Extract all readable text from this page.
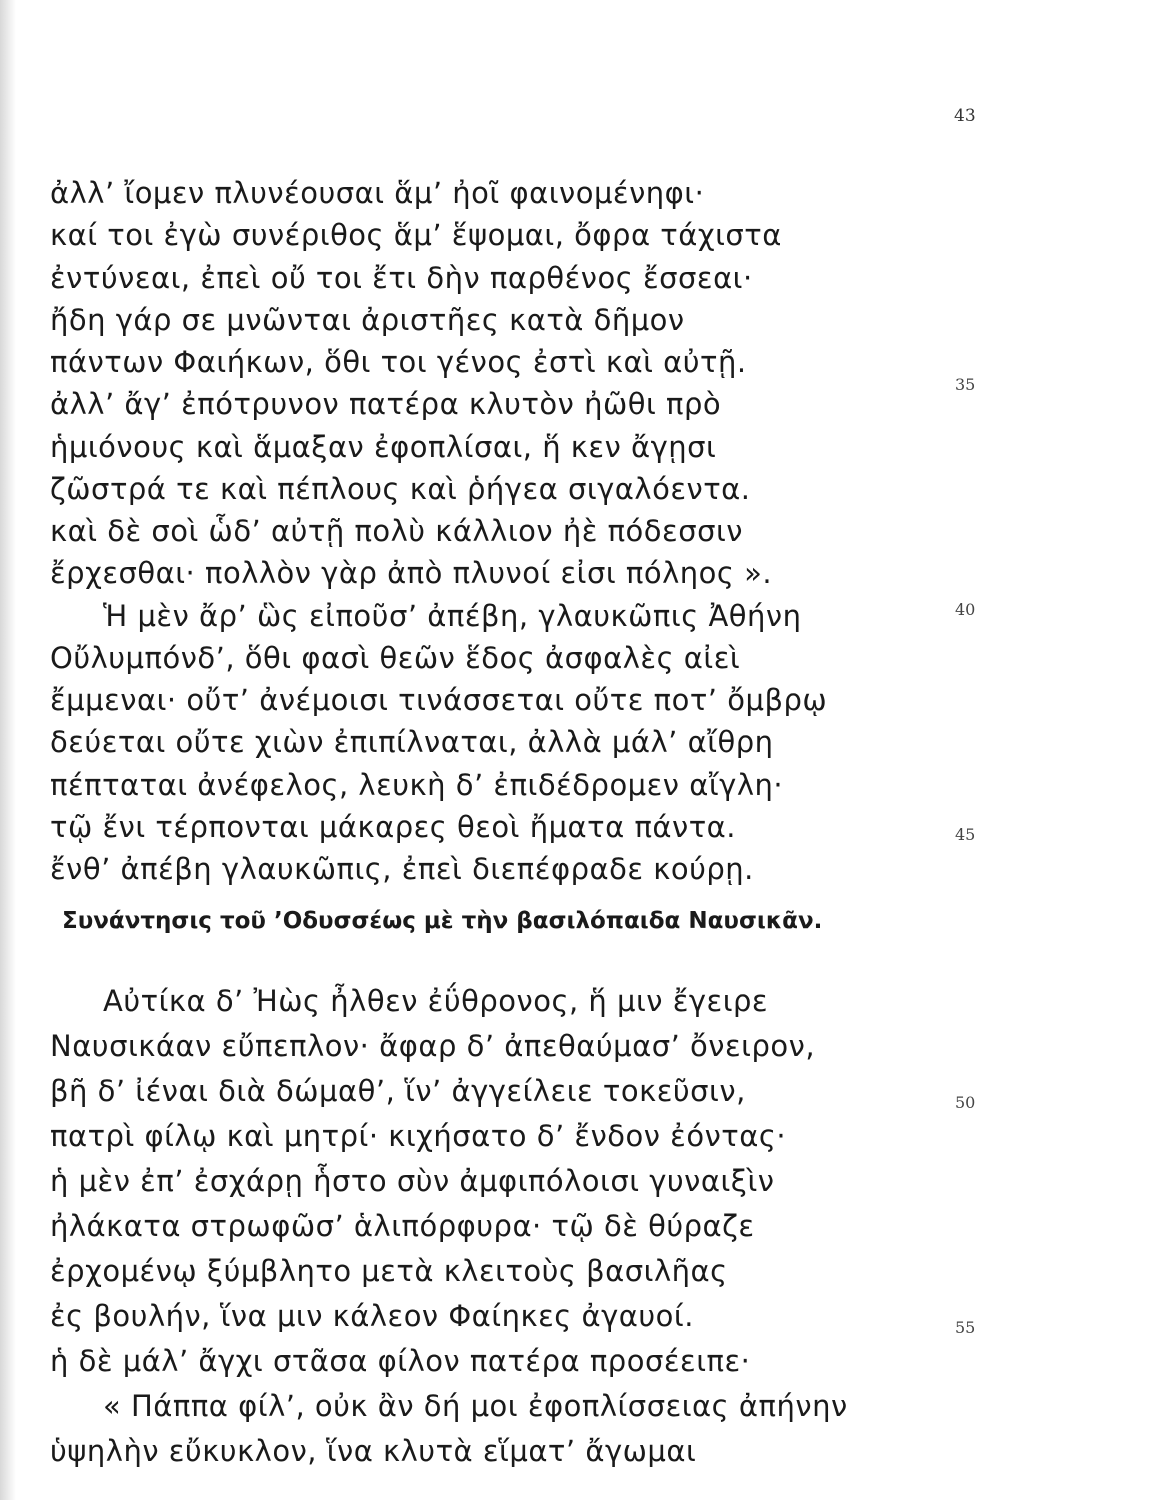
43
ἀλλ’ ἴομεν πλυνέουσαι ἅμ’ ἠοῖ φαινομένηφι·
καί τοι ἐγὼ συνέριθος ἅμ’ ἕψομαι, ὄφρα τάχιστα
ἐντύνεαι, ἐπεὶ οὔ τοι ἔτι δὴν παρθένος ἔσσεαι·
ἤδη γάρ σε μνῶνται ἀριστῆες κατὰ δῆμον
πάντων Φαιήκων, ὅθι τοι γένος ἐστὶ καὶ αὐτῇ.
ἀλλ’ ἄγ’ ἐπότρυνον πατέρα κλυτὸν ἠῶθι πρὸ
ἡμιόνους καὶ ἅμαξαν ἐφοπλίσαι, ἥ κεν ἄγῃσι
ζῶστρά τε καὶ πέπλους καὶ ῥήγεα σιγαλόεντα.
καὶ δὲ σοὶ ὧδ’ αὐτῇ πολὺ κάλλιον ἠὲ πόδεσσιν
ἔρχεσθαι· πολλὸν γὰρ ἀπὸ πλυνοί εἰσι πόληος ».
Ἡ μὲν ἄρ’ ὣς εἰποῦσ’ ἀπέβη, γλαυκῶπις Ἀθήνη
Οὔλυμπόνδ’, ὅθι φασὶ θεῶν ἕδος ἀσφαλὲς αἰεὶ
ἔμμεναι· οὔτ’ ἀνέμοισι τινάσσεται οὔτε ποτ’ ὄμβρῳ
δεύεται οὔτε χιὼν ἐπιπίλναται, ἀλλὰ μάλ’ αἴθρη
πέπταται ἀνέφελος, λευκὴ δ’ ἐπιδέδρομεν αἴγλη·
τῷ ἔνι τέρπονται μάκαρες θεοὶ ἤματα πάντα.
ἔνθ’ ἀπέβη γλαυκῶπις, ἐπεὶ διεπέφραδε κούρῃ.
35
40
45
Συνάντησις τοῦ ’Οδυσσέως μὲ τὴν βασιλόπαιδα Ναυσικᾶν.
Αὐτίκα δ’ Ἠὼς ἦλθεν ἐΰθρονος, ἥ μιν ἔγειρε
Ναυσικάαν εὔπεπλον· ἄφαρ δ’ ἀπεθαύμασ’ ὄνειρον,
βῆ δ’ ἰέναι διὰ δώμαθ’, ἵν’ ἀγγείλειε τοκεῦσιν,
πατρὶ φίλῳ καὶ μητρί· κιχήσατο δ’ ἔνδον ἐόντας·
ἡ μὲν ἐπ’ ἐσχάρῃ ἧστο σὺν ἀμφιπόλοισι γυναιξὶν
ἠλάκατα στρωφῶσ’ ἁλιπόρφυρα· τῷ δὲ θύραζε
ἐρχομένῳ ξύμβλητο μετὰ κλειτοὺς βασιλῆας
ἐς βουλήν, ἵνα μιν κάλεον Φαίηκες ἀγαυοί.
ἡ δὲ μάλ’ ἄγχι στᾶσα φίλον πατέρα προσέειπε·
« Πάππα φίλ’, οὐκ ἂν δή μοι ἐφοπλίσσειας ἀπήνην
ὑψηλὴν εὔκυκλον, ἵνα κλυτὰ εἵματ’ ἄγωμαι
50
55
